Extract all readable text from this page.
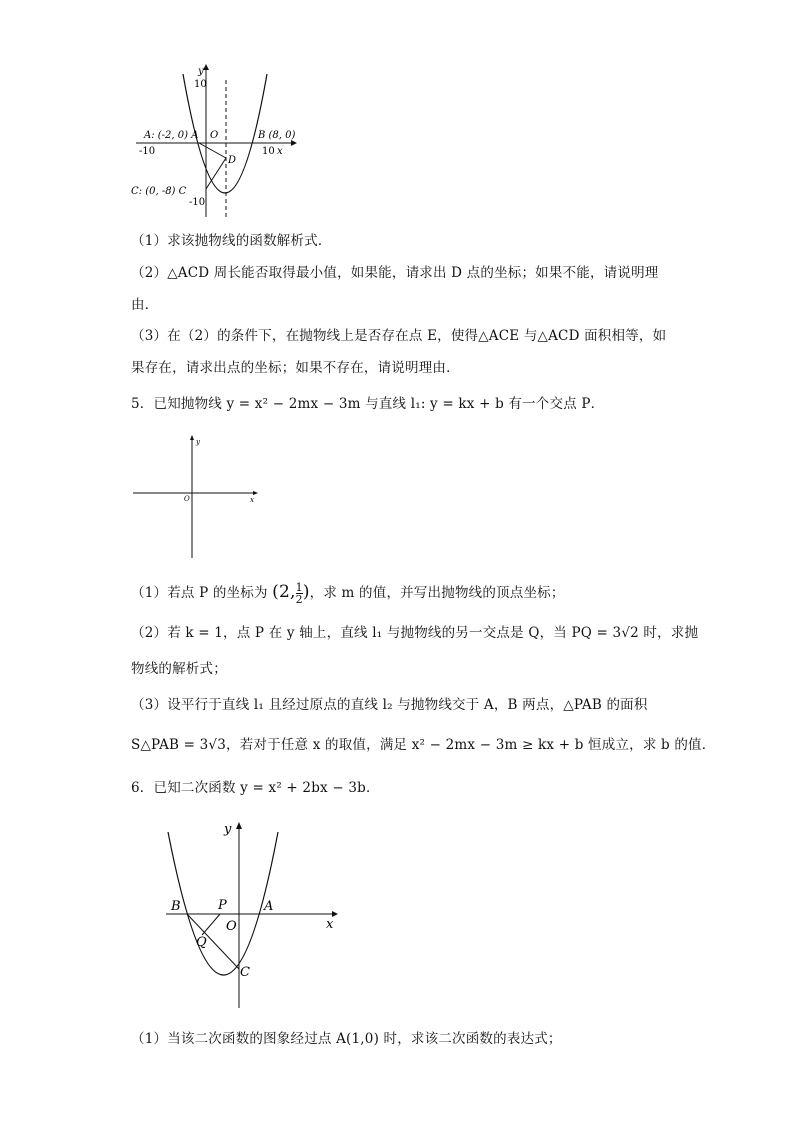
y
10
-10
-10	10 x
O
A: (-2, 0) A	B (8, 0)
C: (0, -8) C
D
（1）求该抛物线的函数解析式．
（2）△ACD 周长能否取得最小值，如果能，请求出 D 点的坐标；如果不能，请说明理
由．
（3）在（2）的条件下，在抛物线上是否存在点 E，使得△ACE 与△ACD 面积相等，如
果存在，请求出点的坐标；如果不存在，请说明理由．
5．已知抛物线 y = x² − 2mx − 3m 与直线 l₁: y = kx + b 有一个交点 P．
y
x
O
（1）若点 P 的坐标为 (2, $\frac{1}{2}$ )，求 m 的值，并写出抛物线的顶点坐标；
（2）若 k = 1，点 P 在 y 轴上，直线 l₁ 与抛物线的另一交点是 Q，当 PQ = 3√2 时，求抛
物线的解析式；
（3）设平行于直线 l₁ 且经过原点的直线 l₂ 与抛物线交于 A，B 两点，△PAB 的面积
S△PAB = 3√3，若对于任意 x 的取值，满足 x² − 2mx − 3m ≥ kx + b 恒成立，求 b 的值．
6．已知二次函数 y = x² + 2bx − 3b．
y
x
O
A
B
C
P
Q
（1）当该二次函数的图象经过点 A(1,0) 时，求该二次函数的表达式；
